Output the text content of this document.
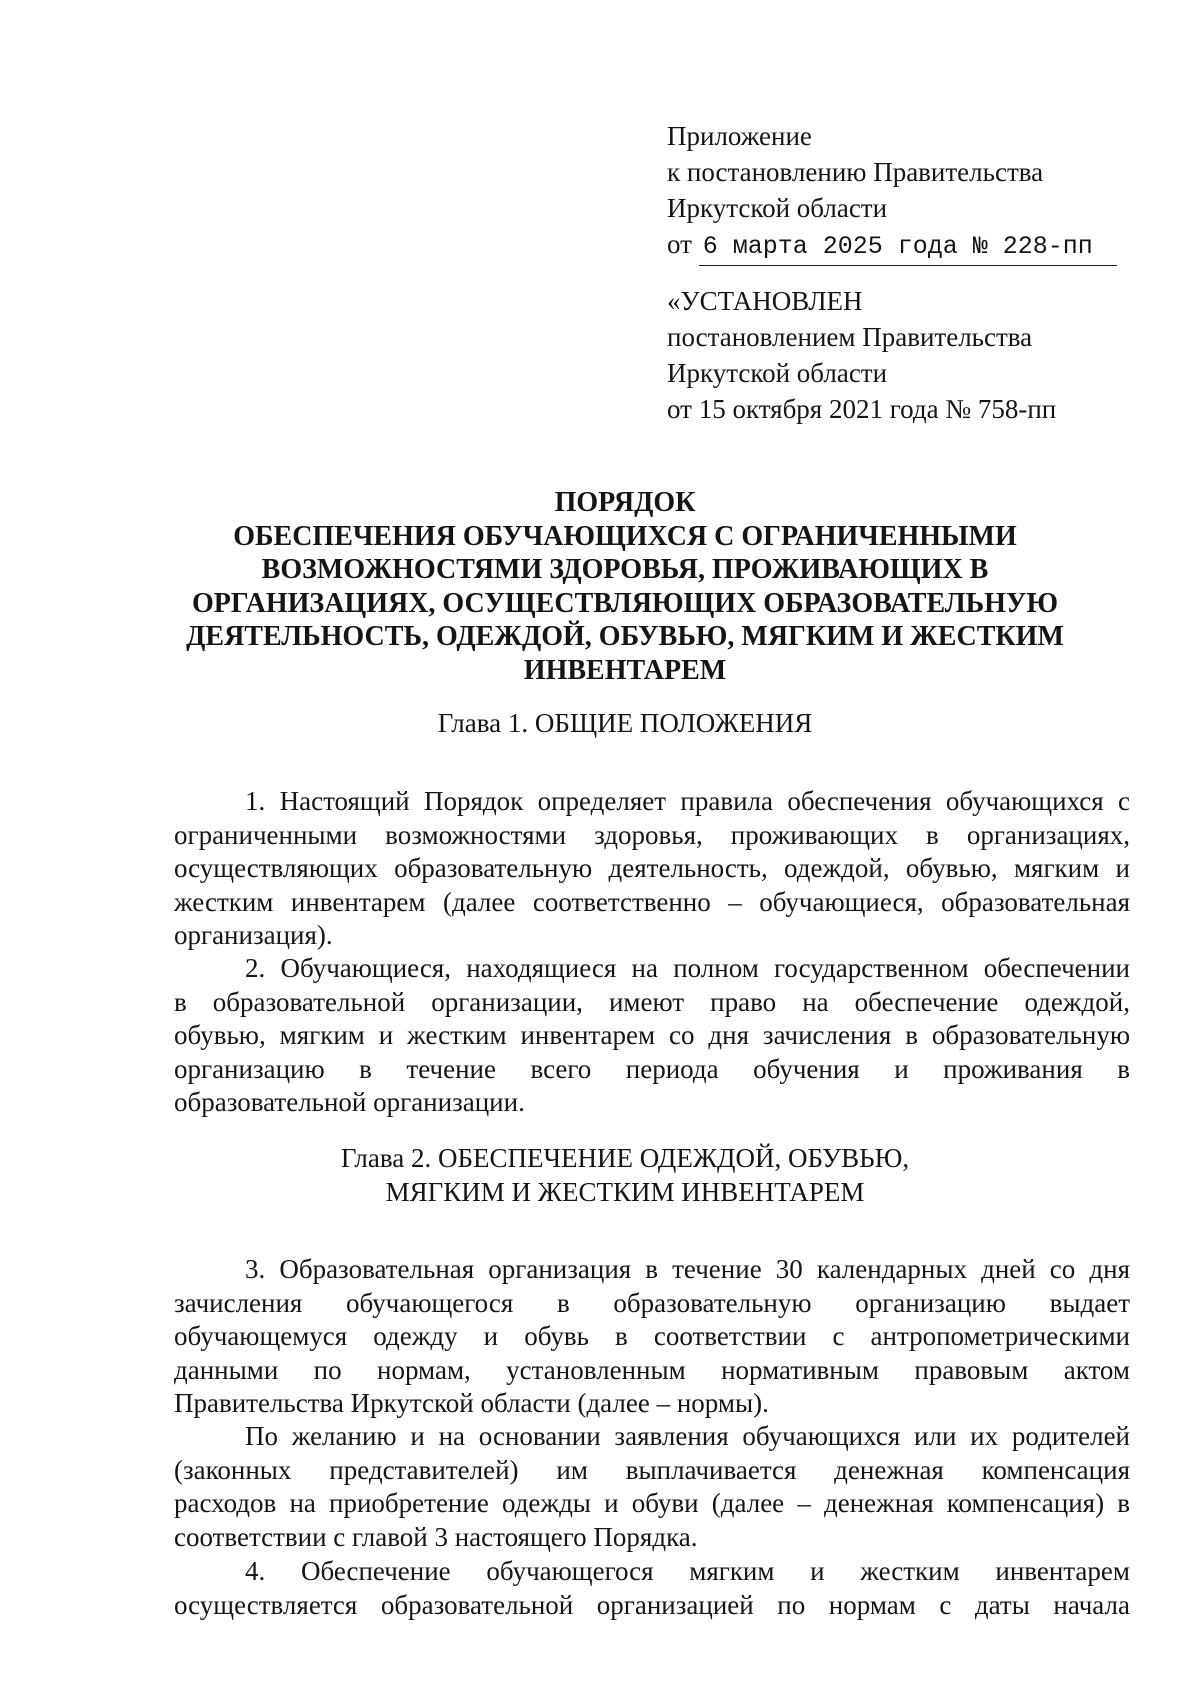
Приложение
к постановлению Правительства
Иркутской области
от 6 марта 2025 года № 228-пп
«УСТАНОВЛЕН
постановлением Правительства
Иркутской области
от 15 октября 2021 года № 758-пп
ПОРЯДОК
ОБЕСПЕЧЕНИЯ ОБУЧАЮЩИХСЯ С ОГРАНИЧЕННЫМИ
ВОЗМОЖНОСТЯМИ ЗДОРОВЬЯ, ПРОЖИВАЮЩИХ В
ОРГАНИЗАЦИЯХ, ОСУЩЕСТВЛЯЮЩИХ ОБРАЗОВАТЕЛЬНУЮ
ДЕЯТЕЛЬНОСТЬ, ОДЕЖДОЙ, ОБУВЬЮ, МЯГКИМ И ЖЕСТКИМ
ИНВЕНТАРЕМ
Глава 1. ОБЩИЕ ПОЛОЖЕНИЯ
1. Настоящий Порядок определяет правила обеспечения обучающихся с
ограниченными возможностями здоровья, проживающих в организациях,
осуществляющих образовательную деятельность, одеждой, обувью, мягким и
жестким инвентарем (далее соответственно – обучающиеся, образовательная
организация).
2. Обучающиеся, находящиеся на полном государственном обеспечении
в образовательной организации, имеют право на обеспечение одеждой,
обувью, мягким и жестким инвентарем со дня зачисления в образовательную
организацию в течение всего периода обучения и проживания в
образовательной организации.
Глава 2. ОБЕСПЕЧЕНИЕ ОДЕЖДОЙ, ОБУВЬЮ,
МЯГКИМ И ЖЕСТКИМ ИНВЕНТАРЕМ
3. Образовательная организация в течение 30 календарных дней со дня
зачисления обучающегося в образовательную организацию выдает
обучающемуся одежду и обувь в соответствии с антропометрическими
данными по нормам, установленным нормативным правовым актом
Правительства Иркутской области (далее – нормы).
По желанию и на основании заявления обучающихся или их родителей
(законных представителей) им выплачивается денежная компенсация
расходов на приобретение одежды и обуви (далее – денежная компенсация) в
соответствии с главой 3 настоящего Порядка.
4. Обеспечение обучающегося мягким и жестким инвентарем
осуществляется образовательной организацией по нормам с даты начала
